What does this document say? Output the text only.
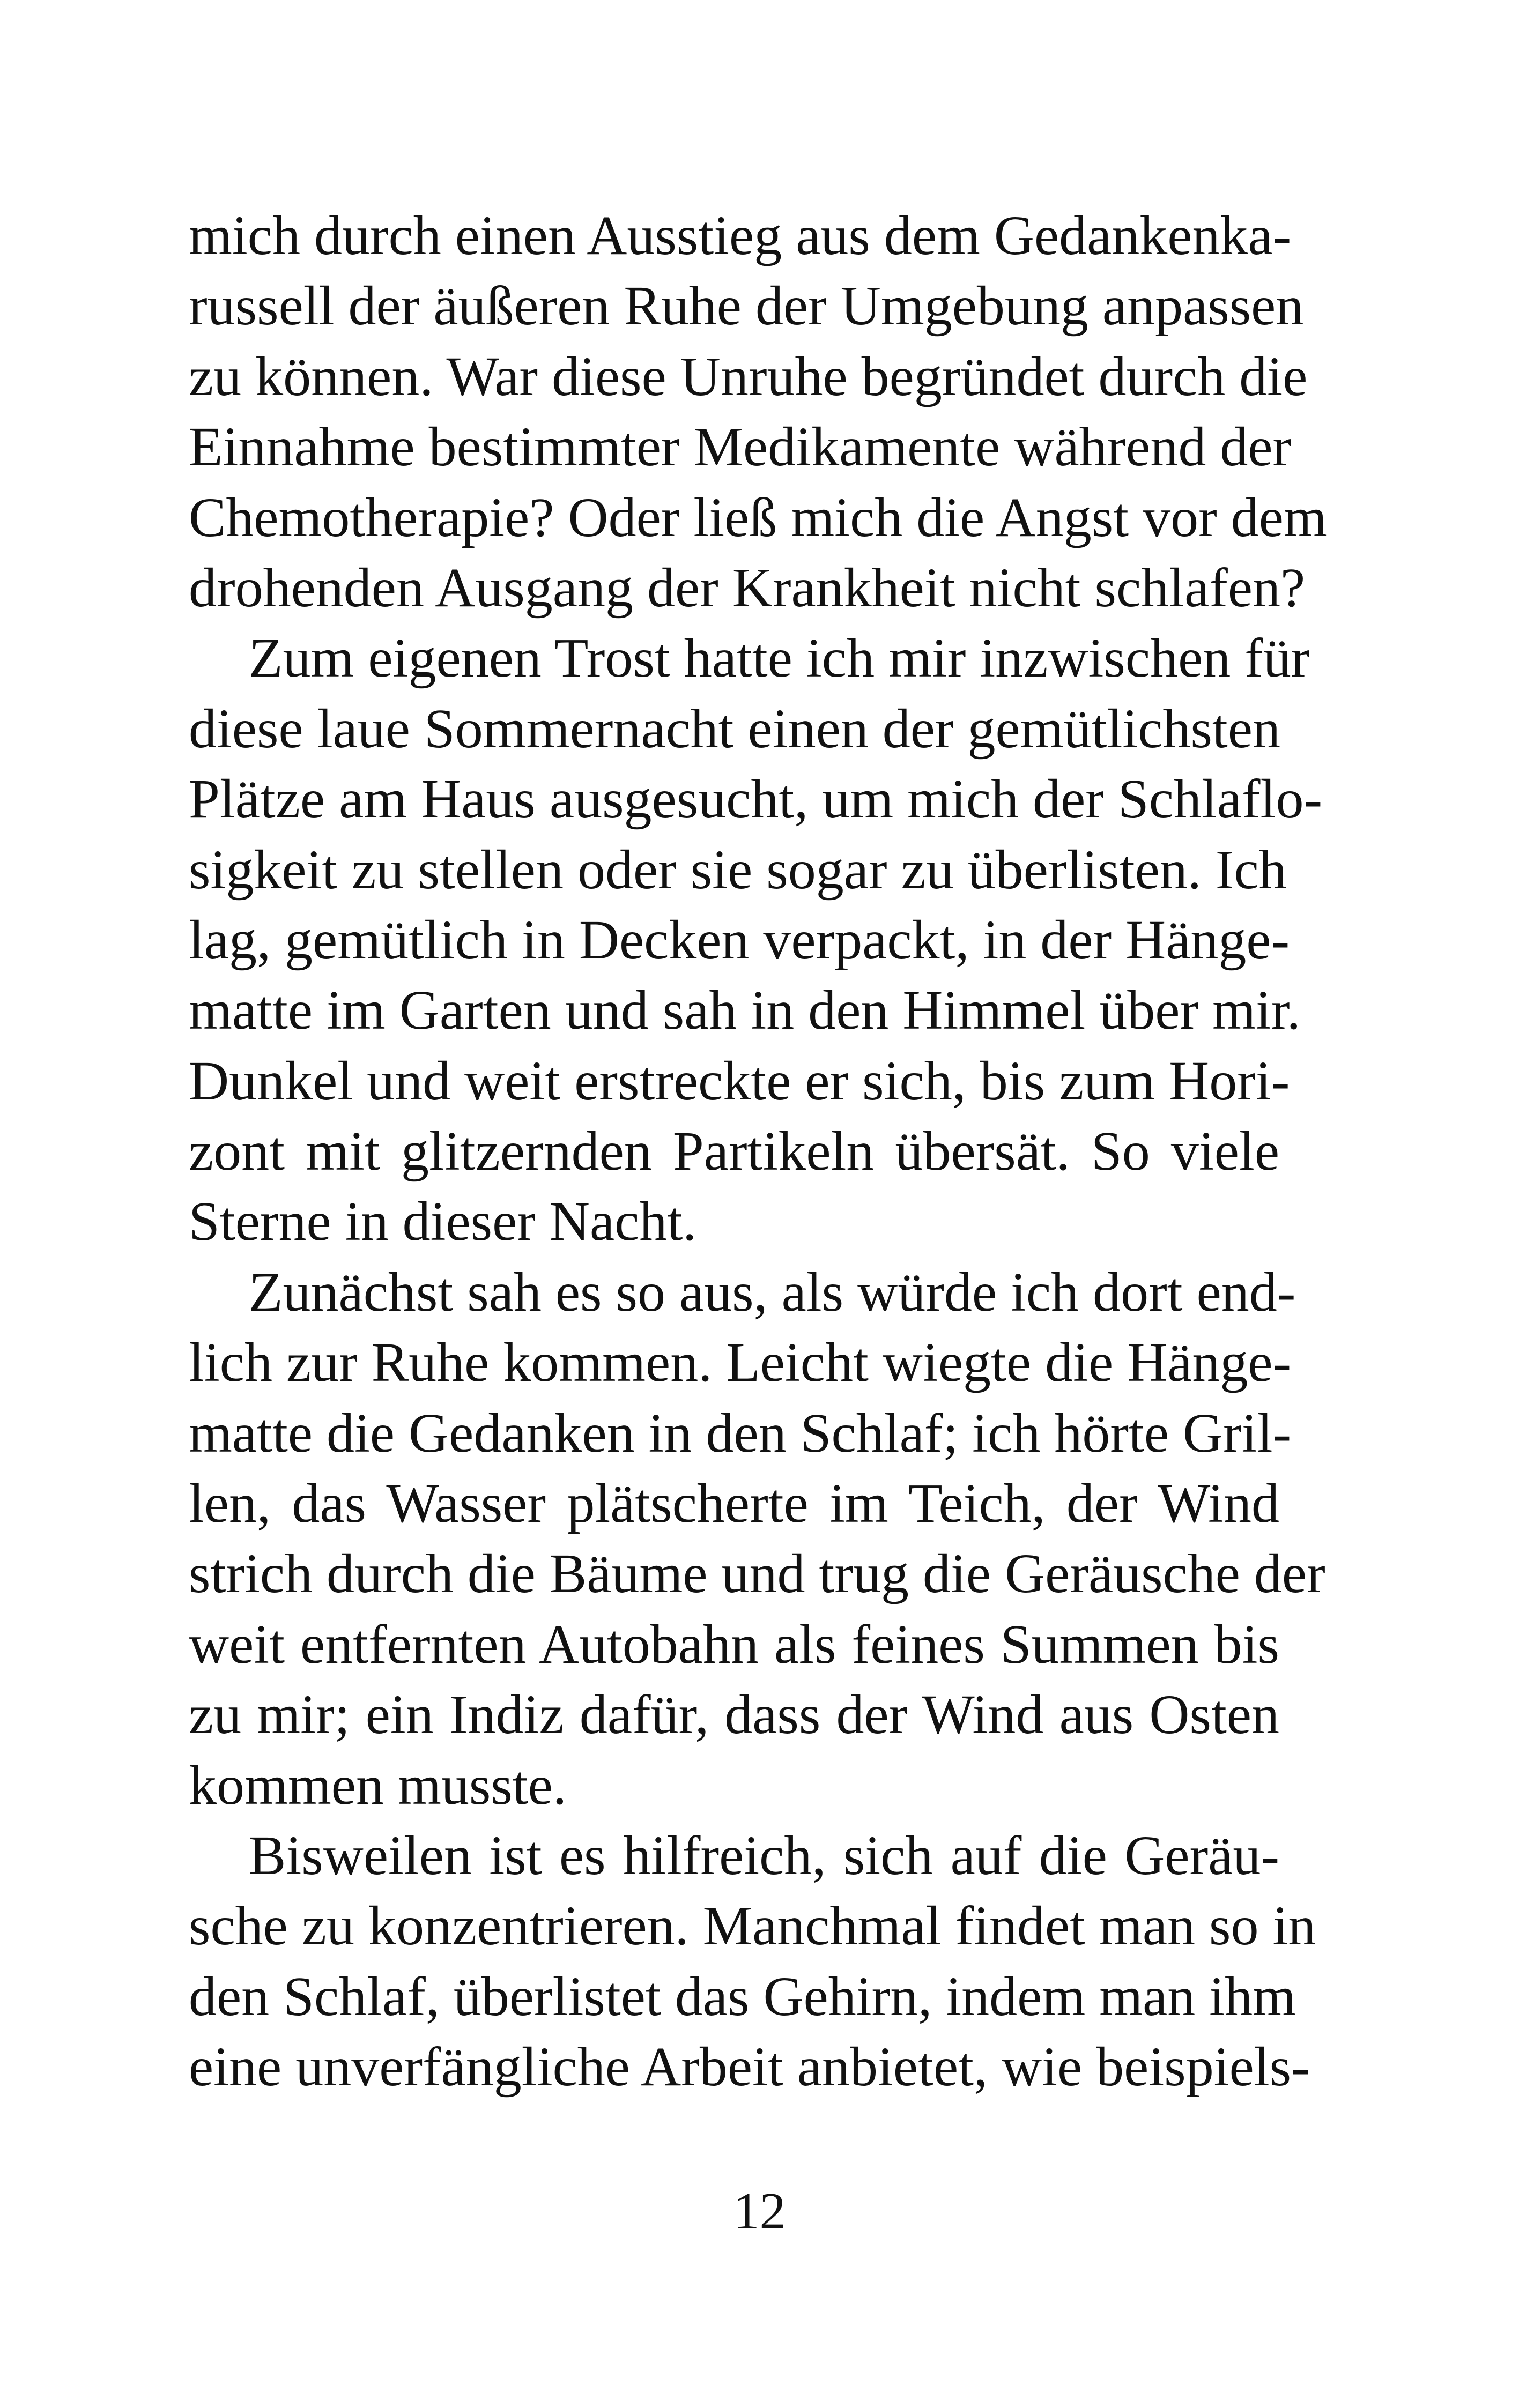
mich durch einen Ausstieg aus dem Gedankenka-
russell der äußeren Ruhe der Umgebung anpassen
zu können. War diese Unruhe begründet durch die
Einnahme bestimmter Medikamente während der
Chemotherapie? Oder ließ mich die Angst vor dem
drohenden Ausgang der Krankheit nicht schlafen?
Zum eigenen Trost hatte ich mir inzwischen für
diese laue Sommernacht einen der gemütlichsten
Plätze am Haus ausgesucht, um mich der Schlaflo-
sigkeit zu stellen oder sie sogar zu überlisten. Ich
lag, gemütlich in Decken verpackt, in der Hänge-
matte im Garten und sah in den Himmel über mir.
Dunkel und weit erstreckte er sich, bis zum Hori-
zont mit glitzernden Partikeln übersät. So viele
Sterne in dieser Nacht.
Zunächst sah es so aus, als würde ich dort end-
lich zur Ruhe kommen. Leicht wiegte die Hänge-
matte die Gedanken in den Schlaf; ich hörte Gril-
len, das Wasser plätscherte im Teich, der Wind
strich durch die Bäume und trug die Geräusche der
weit entfernten Autobahn als feines Summen bis
zu mir; ein Indiz dafür, dass der Wind aus Osten
kommen musste.
Bisweilen ist es hilfreich, sich auf die Geräu-
sche zu konzentrieren. Manchmal findet man so in
den Schlaf, überlistet das Gehirn, indem man ihm
eine unverfängliche Arbeit anbietet, wie beispiels-
12
